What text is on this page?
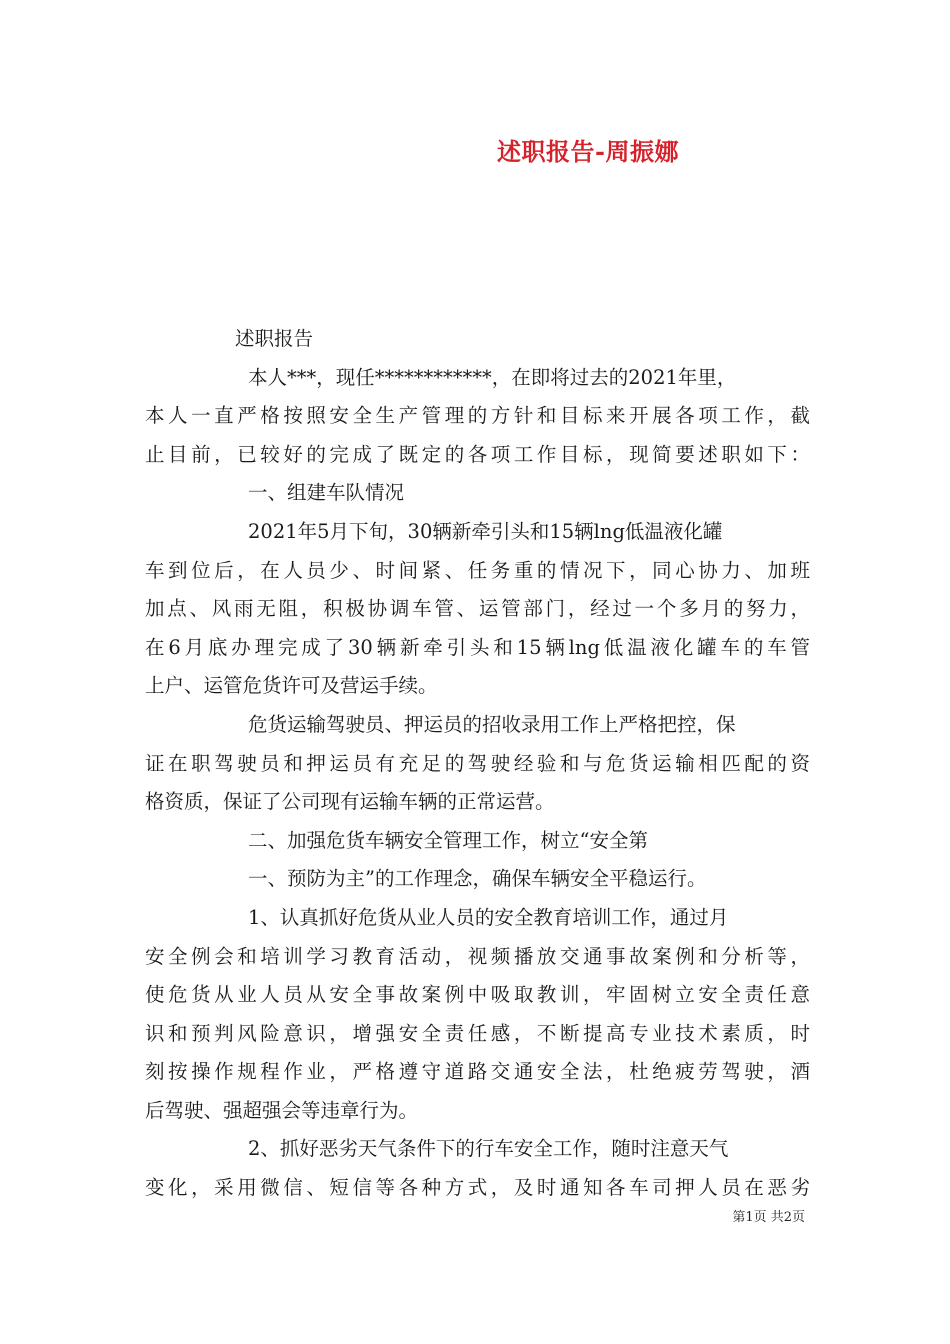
述职报告-周振娜
述职报告
本人***，现任************，在即将过去的2021年里，
本人一直严格按照安全生产管理的方针和目标来开展各项工作，截
止目前，已较好的完成了既定的各项工作目标，现简要述职如下：
一、组建车队情况
2021年5月下旬，30辆新牵引头和15辆lng低温液化罐
车到位后，在人员少、时间紧、任务重的情况下，同心协力、加班
加点、风雨无阻，积极协调车管、运管部门，经过一个多月的努力，
在6月底办理完成了30辆新牵引头和15辆lng低温液化罐车的车管
上户、运管危货许可及营运手续。
危货运输驾驶员、押运员的招收录用工作上严格把控，保
证在职驾驶员和押运员有充足的驾驶经验和与危货运输相匹配的资
格资质，保证了公司现有运输车辆的正常运营。
二、加强危货车辆安全管理工作，树立“安全第
一、预防为主”的工作理念，确保车辆安全平稳运行。
1、认真抓好危货从业人员的安全教育培训工作，通过月
安全例会和培训学习教育活动，视频播放交通事故案例和分析等，
使危货从业人员从安全事故案例中吸取教训，牢固树立安全责任意
识和预判风险意识，增强安全责任感，不断提高专业技术素质，时
刻按操作规程作业，严格遵守道路交通安全法，杜绝疲劳驾驶，酒
后驾驶、强超强会等违章行为。
2、抓好恶劣天气条件下的行车安全工作，随时注意天气
变化，采用微信、短信等各种方式，及时通知各车司押人员在恶劣
第1页 共2页
